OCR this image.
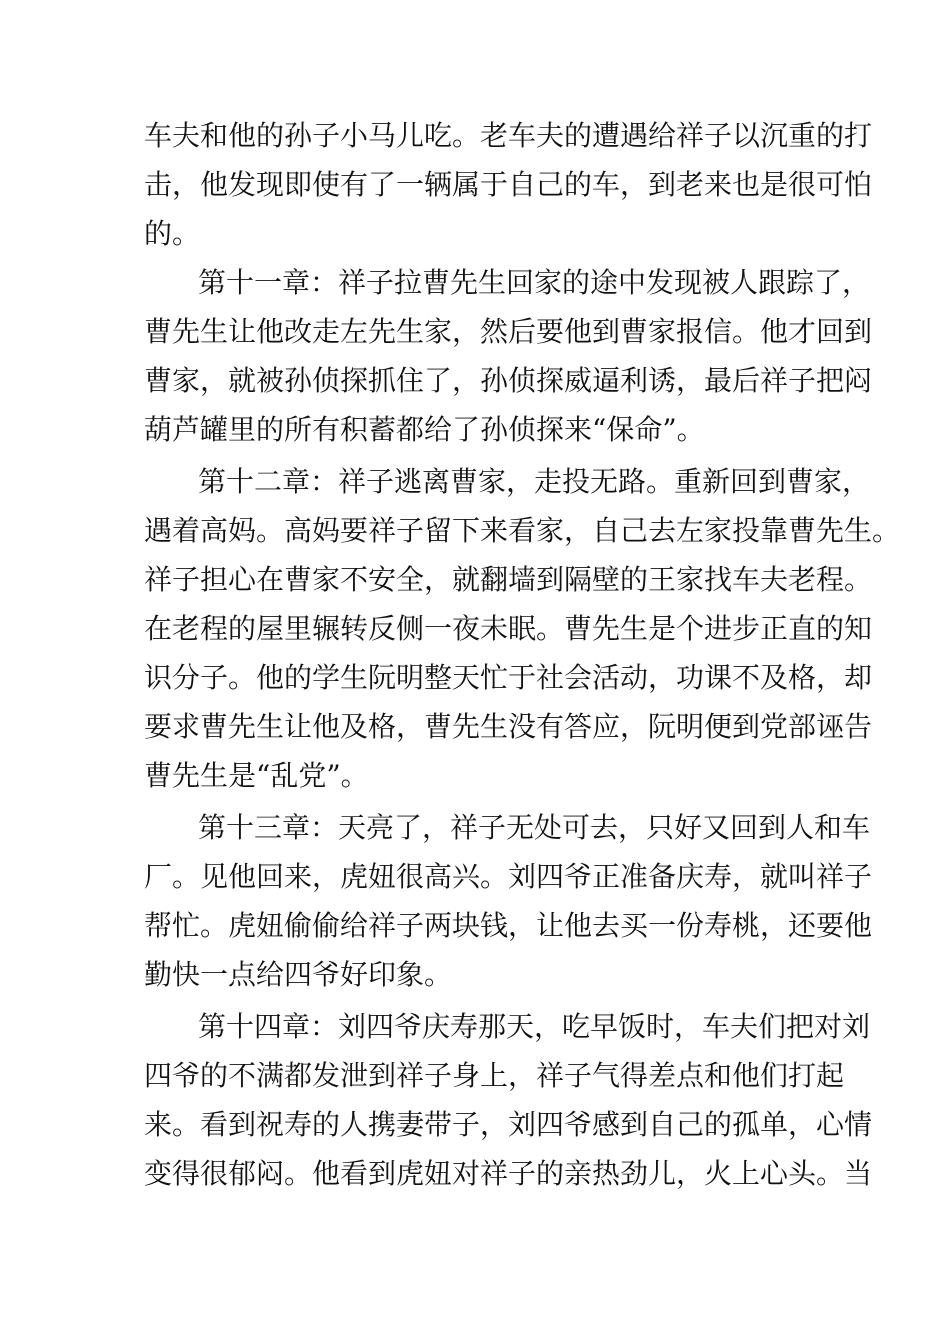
车夫和他的孙子小马儿吃。老车夫的遭遇给祥子以沉重的打
击，他发现即使有了一辆属于自己的车，到老来也是很可怕
的。
第十一章：祥子拉曹先生回家的途中发现被人跟踪了，
曹先生让他改走左先生家，然后要他到曹家报信。他才回到
曹家，就被孙侦探抓住了，孙侦探威逼利诱，最后祥子把闷
葫芦罐里的所有积蓄都给了孙侦探来“保命”。
第十二章：祥子逃离曹家，走投无路。重新回到曹家，
遇着高妈。高妈要祥子留下来看家，自己去左家投靠曹先生。
祥子担心在曹家不安全，就翻墙到隔壁的王家找车夫老程。
在老程的屋里辗转反侧一夜未眠。曹先生是个进步正直的知
识分子。他的学生阮明整天忙于社会活动，功课不及格，却
要求曹先生让他及格，曹先生没有答应，阮明便到党部诬告
曹先生是“乱党”。
第十三章：天亮了，祥子无处可去，只好又回到人和车
厂。见他回来，虎妞很高兴。刘四爷正准备庆寿，就叫祥子
帮忙。虎妞偷偷给祥子两块钱，让他去买一份寿桃，还要他
勤快一点给四爷好印象。
第十四章：刘四爷庆寿那天，吃早饭时，车夫们把对刘
四爷的不满都发泄到祥子身上，祥子气得差点和他们打起
来。看到祝寿的人携妻带子，刘四爷感到自己的孤单，心情
变得很郁闷。他看到虎妞对祥子的亲热劲儿，火上心头。当
